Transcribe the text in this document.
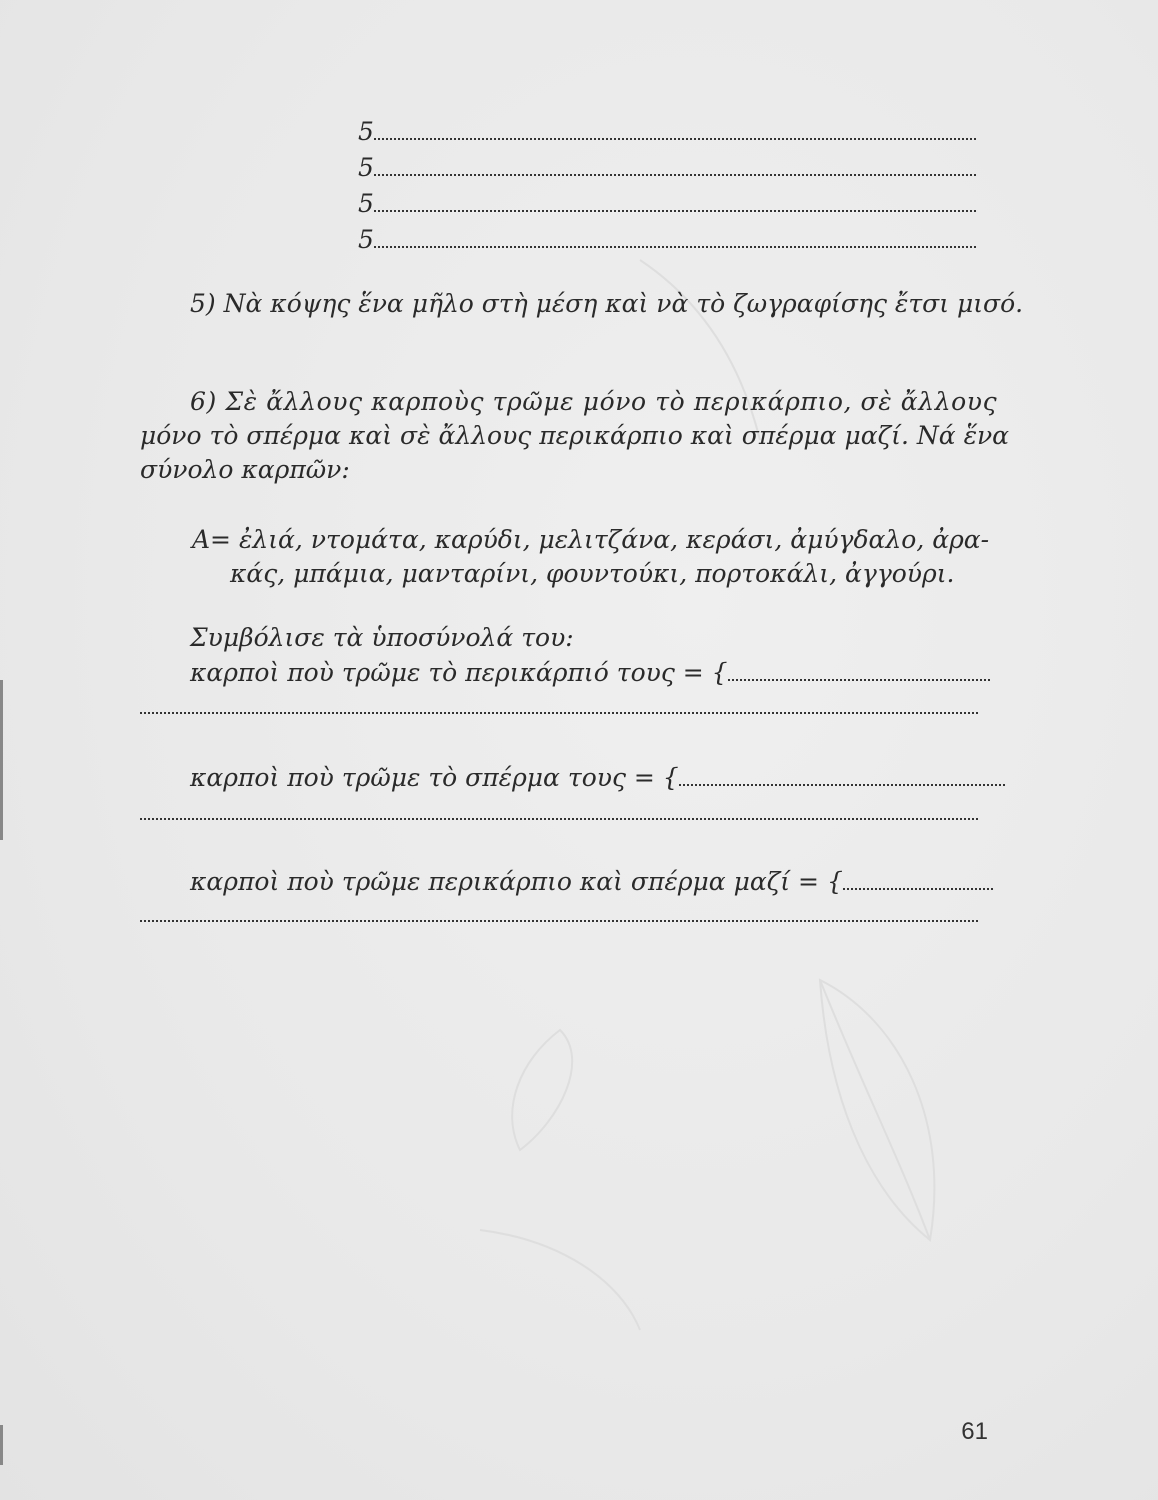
5
5
5
5
5) Νὰ κόψης ἕνα μῆλο στὴ μέση καὶ νὰ τὸ ζωγραφίσης ἔτσι μισό.
6) Σὲ ἄλλους καρποὺς τρῶμε μόνο τὸ περικάρπιο, σὲ ἄλλους
μόνο τὸ σπέρμα καὶ σὲ ἄλλους περικάρπιο καὶ σπέρμα μαζί. Νά ἕνα
σύνολο καρπῶν:
Α= ἐλιά, ντομάτα, καρύδι, μελιτζάνα, κεράσι, ἀμύγδαλο, ἀρα-
κάς, μπάμια, μανταρίνι, φουντούκι, πορτοκάλι, ἀγγούρι.
Συμβόλισε τὰ ὑποσύνολά του:
καρποὶ ποὺ τρῶμε τὸ περικάρπιό τους = {
καρποὶ ποὺ τρῶμε τὸ σπέρμα τους = {
καρποὶ ποὺ τρῶμε περικάρπιο καὶ σπέρμα μαζί = {
61
